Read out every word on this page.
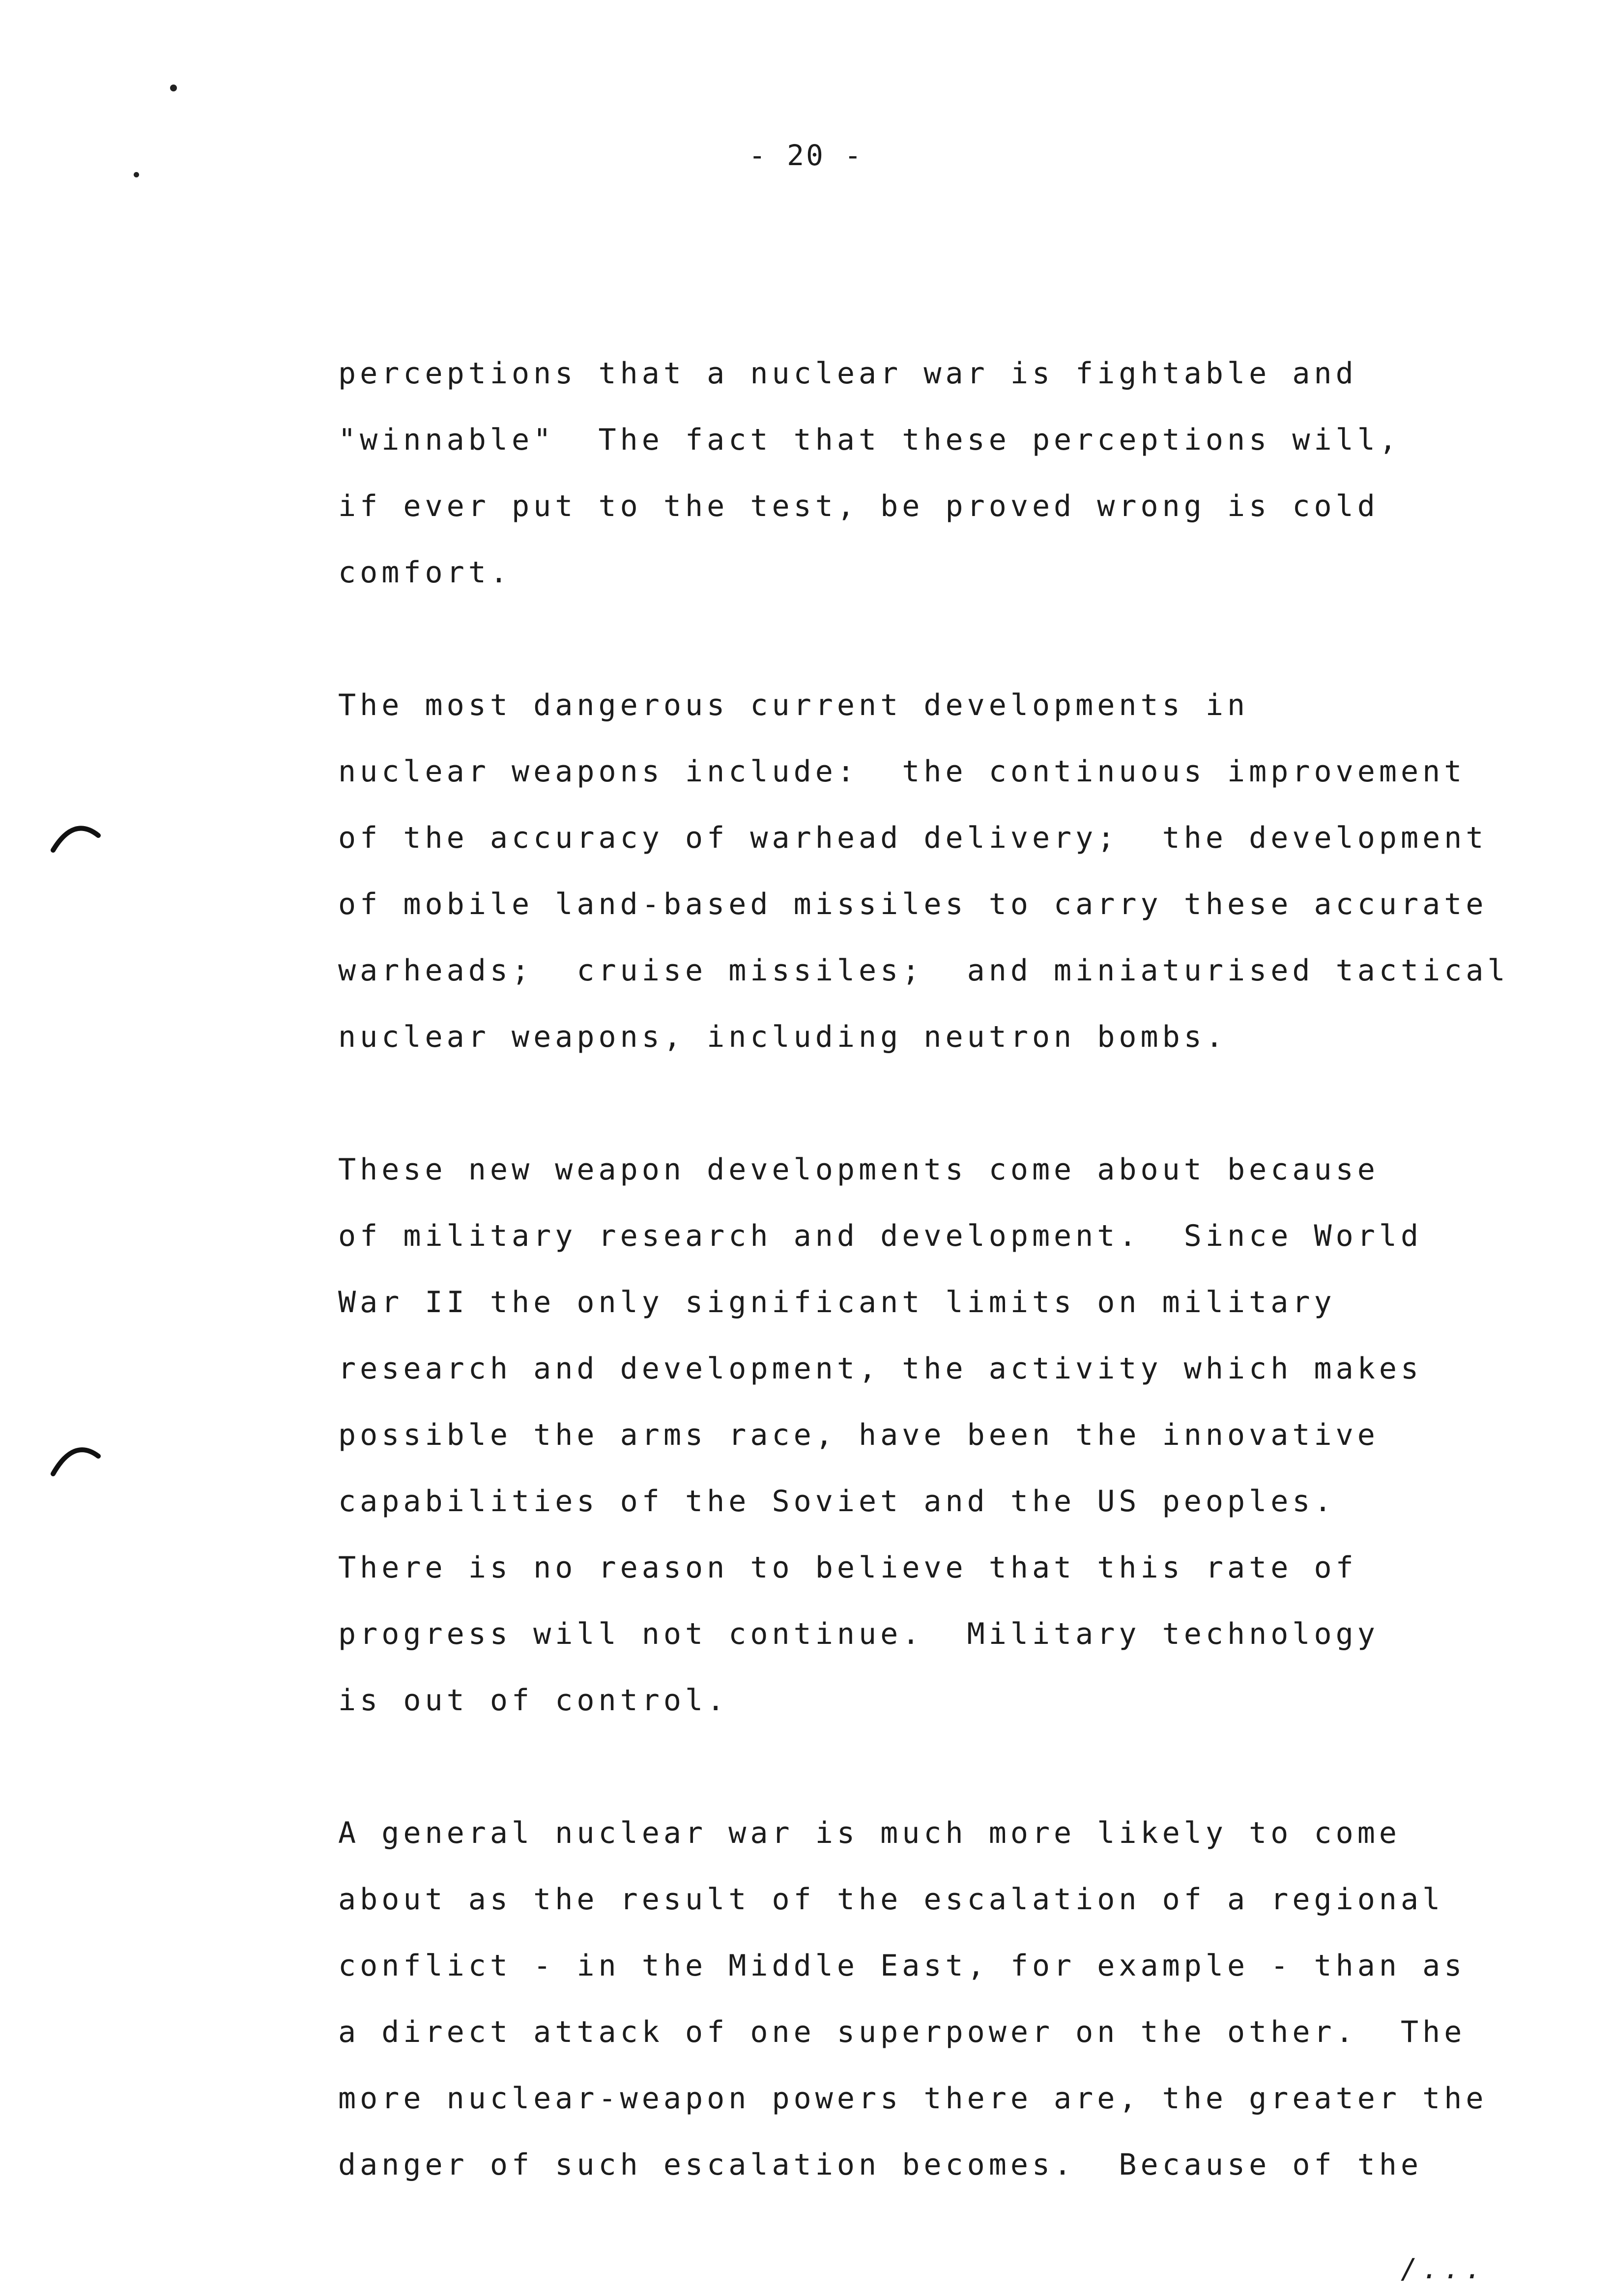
- 20 -
perceptions that a nuclear war is fightable and
"winnable"  The fact that these perceptions will,
if ever put to the test, be proved wrong is cold
comfort.
The most dangerous current developments in
nuclear weapons include:  the continuous improvement
of the accuracy of warhead delivery;  the development
of mobile land-based missiles to carry these accurate
warheads;  cruise missiles;  and miniaturised tactical
nuclear weapons, including neutron bombs.
These new weapon developments come about because
of military research and development.  Since World
War II the only significant limits on military
research and development, the activity which makes
possible the arms race, have been the innovative
capabilities of the Soviet and the US peoples.
There is no reason to believe that this rate of
progress will not continue.  Military technology
is out of control.
A general nuclear war is much more likely to come
about as the result of the escalation of a regional
conflict - in the Middle East, for example - than as
a direct attack of one superpower on the other.  The
more nuclear-weapon powers there are, the greater the
danger of such escalation becomes.  Because of the
/...
